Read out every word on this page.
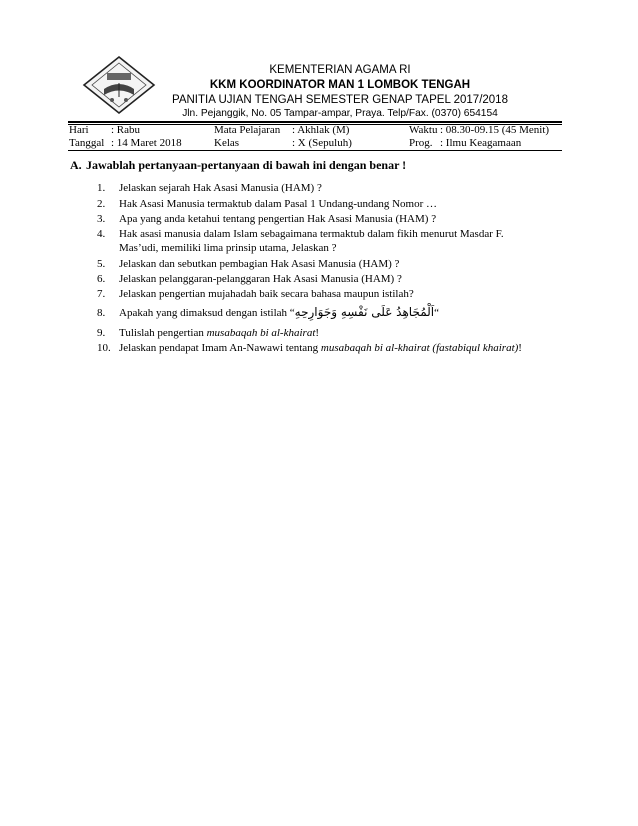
KEMENTERIAN AGAMA RI
KKM KOORDINATOR MAN 1 LOMBOK TENGAH
PANITIA UJIAN TENGAH SEMESTER GENAP TAPEL 2017/2018
Jln. Pejanggik, No. 05 Tampar-ampar, Praya. Telp/Fax. (0370) 654154
Hari : Rabu
Tanggal : 14 Maret 2018
Mata Pelajaran : Akhlak (M)
Kelas	: X (Sepuluh)
Waktu : 08.30-09.15 (45 Menit)
Prog. : Ilmu Keagamaan
A. Jawablah pertanyaan-pertanyaan di bawah ini dengan benar !
1. Jelaskan sejarah Hak Asasi Manusia (HAM) ?
2. Hak Asasi Manusia termaktub dalam Pasal 1 Undang-undang Nomor …
3. Apa yang anda ketahui tentang pengertian Hak Asasi Manusia (HAM) ?
4. Hak asasi manusia dalam Islam sebagaimana termaktub dalam fikih menurut Masdar F.
Mas’udi, memiliki lima prinsip utama, Jelaskan ?
5. Jelaskan dan sebutkan pembagian Hak Asasi Manusia (HAM) ?
6. Jelaskan pelanggaran-pelanggaran Hak Asasi Manusia (HAM) ?
7. Jelaskan pengertian mujahadah baik secara bahasa maupun istilah?
8. Apakah yang dimaksud dengan istilah “اَلْمُجَاهِدُ عَلَى نَفْسِهِ وَجَوَارِحِهِ“
9. Tulislah pengertian musabaqah bi al-khairat!
10. Jelaskan pendapat Imam An-Nawawi tentang musabaqah bi al-khairat (fastabiqul khairat)!
